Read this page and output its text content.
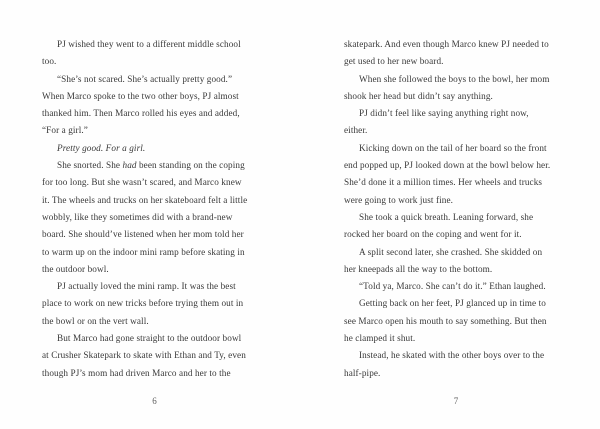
PJ wished they went to a different middle school
too.
“She’s not scared. She’s actually pretty good.”
When Marco spoke to the two other boys, PJ almost
thanked him. Then Marco rolled his eyes and added,
“For a girl.”
Pretty good. For a girl.
She snorted. She had been standing on the coping
for too long. But she wasn’t scared, and Marco knew
it. The wheels and trucks on her skateboard felt a little
wobbly, like they sometimes did with a brand-new
board. She should’ve listened when her mom told her
to warm up on the indoor mini ramp before skating in
the outdoor bowl.
PJ actually loved the mini ramp. It was the best
place to work on new tricks before trying them out in
the bowl or on the vert wall.
But Marco had gone straight to the outdoor bowl
at Crusher Skatepark to skate with Ethan and Ty, even
though PJ’s mom had driven Marco and her to the
6
skatepark. And even though Marco knew PJ needed to
get used to her new board.
When she followed the boys to the bowl, her mom
shook her head but didn’t say anything.
PJ didn’t feel like saying anything right now,
either.
Kicking down on the tail of her board so the front
end popped up, PJ looked down at the bowl below her.
She’d done it a million times. Her wheels and trucks
were going to work just fine.
She took a quick breath. Leaning forward, she
rocked her board on the coping and went for it.
A split second later, she crashed. She skidded on
her kneepads all the way to the bottom.
“Told ya, Marco. She can’t do it.” Ethan laughed.
Getting back on her feet, PJ glanced up in time to
see Marco open his mouth to say something. But then
he clamped it shut.
Instead, he skated with the other boys over to the
half-pipe.
7
